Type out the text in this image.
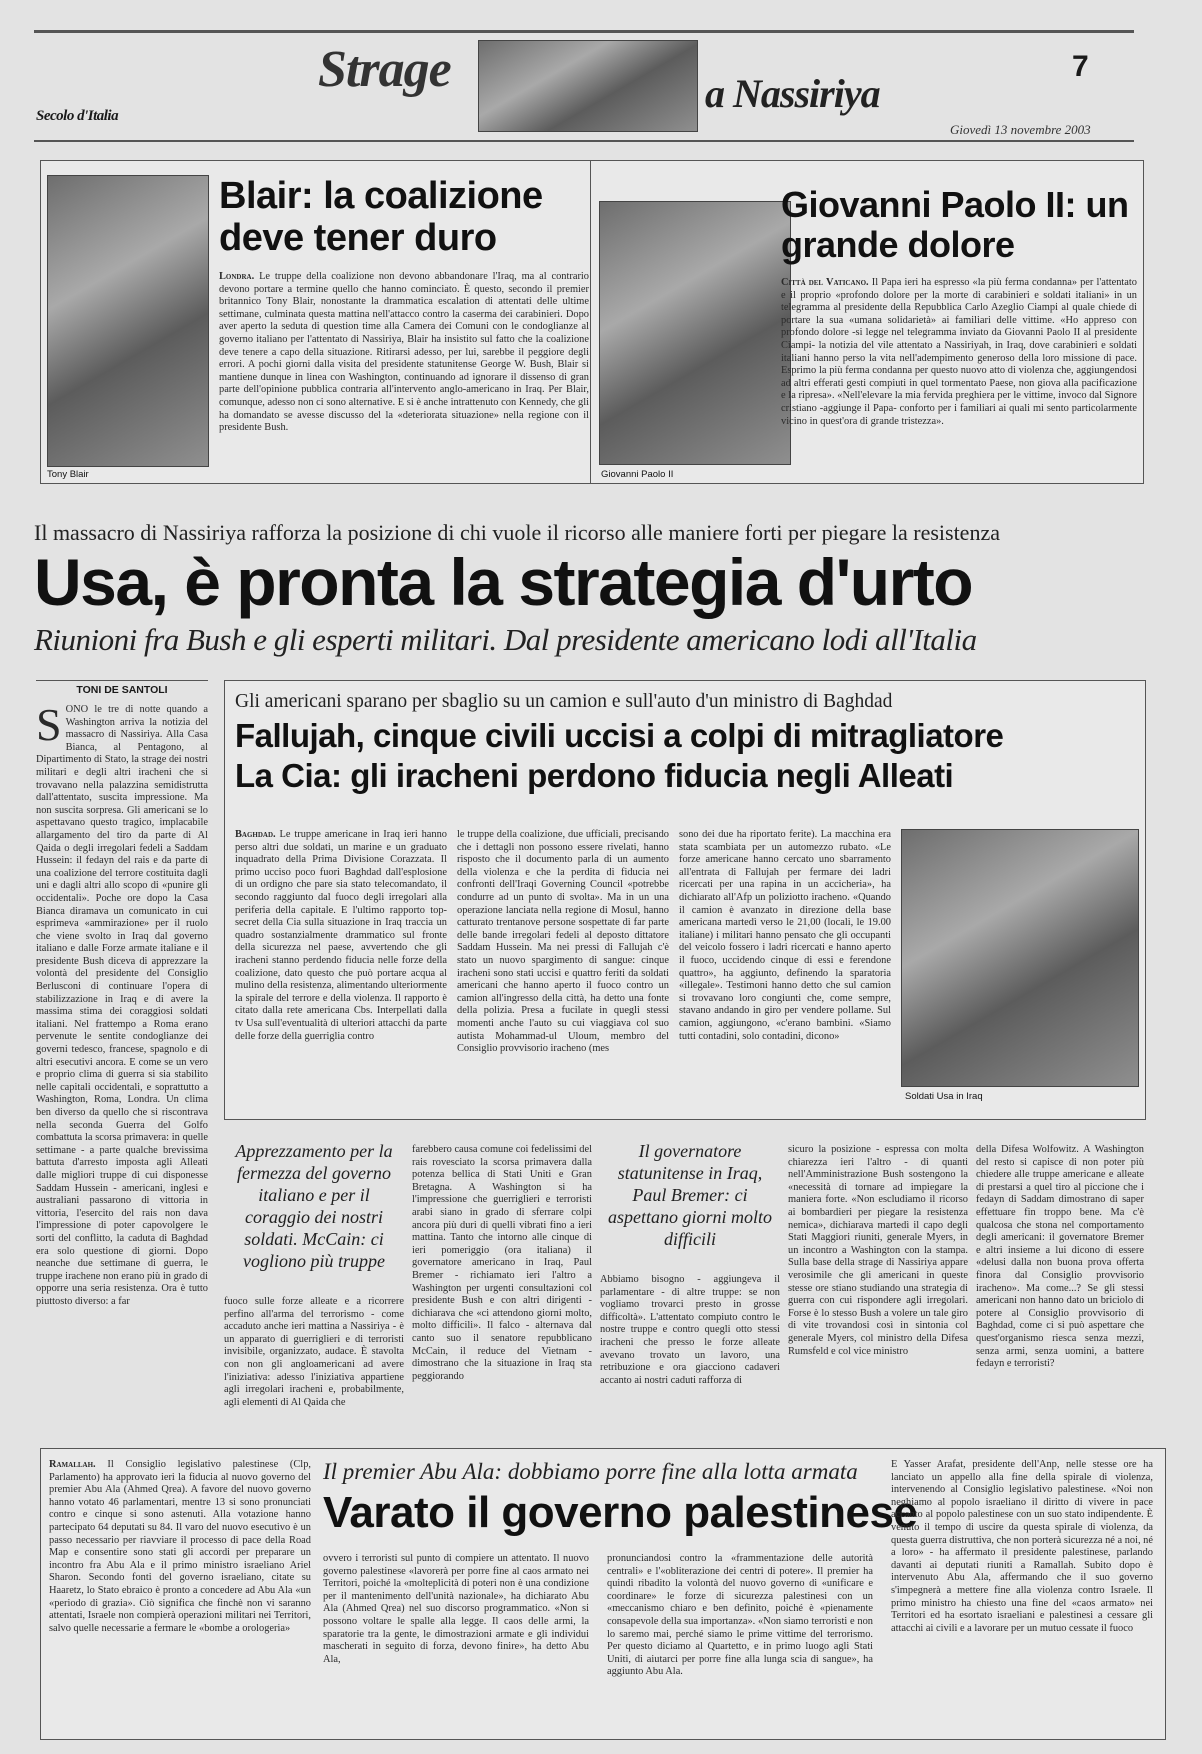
Secolo d'Italia
Strage	a Nassiriya
7
Giovedì 13 novembre 2003
Tony Blair
Blair: la coalizione deve tener duro

Londra. Le truppe della coalizione non devono abbandonare l'Iraq, ma al contrario devono portare a termine quello che hanno cominciato. È questo, secondo il premier britannico Tony Blair, nonostante la drammatica escalation di attentati delle ultime settimane, culminata questa mattina nell'attacco contro la caserma dei carabinieri. Dopo aver aperto la seduta di question time alla Camera dei Comuni con le condoglianze al governo italiano per l'attentato di Nassiriya, Blair ha insistito sul fatto che la coalizione deve tenere a capo della situazione. Ritirarsi adesso, per lui, sarebbe il peggiore degli errori. A pochi giorni dalla visita del presidente statunitense George W. Bush, Blair si mantiene dunque in linea con Washington, continuando ad ignorare il dissenso di gran parte dell'opinione pubblica contraria all'intervento anglo-americano in Iraq. Per Blair, comunque, adesso non ci sono alternative. E si è anche intrattenuto con Kennedy, che gli ha domandato se avesse discusso del la «deteriorata situazione» nella regione con il presidente Bush.

Giovanni Paolo II
Giovanni Paolo II: un grande dolore

Città del Vaticano. Il Papa ieri ha espresso «la più ferma condanna» per l'attentato e il proprio «profondo dolore per la morte di carabinieri e soldati italiani» in un telegramma al presidente della Repubblica Carlo Azeglio Ciampi al quale chiede di portare la sua «umana solidarietà» ai familiari delle vittime. «Ho appreso con profondo dolore -si legge nel telegramma inviato da Giovanni Paolo II al presidente Ciampi- la notizia del vile attentato a Nassiriyah, in Iraq, dove carabinieri e soldati italiani hanno perso la vita nell'adempimento generoso della loro missione di pace. Esprimo la più ferma condanna per questo nuovo atto di violenza che, aggiungendosi ad altri efferati gesti compiuti in quel tormentato Paese, non giova alla pacificazione e la ripresa». «Nell'elevare la mia fervida preghiera per le vittime, invoco dal Signore cristiano -aggiunge il Papa- conforto per i familiari ai quali mi sento particolarmente vicino in quest'ora di grande tristezza».

Il massacro di Nassiriya rafforza la posizione di chi vuole il ricorso alle maniere forti per piegare la resistenza
Usa, è pronta la strategia d'urto
Riunioni fra Bush e gli esperti militari. Dal presidente americano lodi all'Italia
TONI DE SANTOLI

SONO le tre di notte quando a Washington arriva la notizia del massacro di Nassiriya. Alla Casa Bianca, al Pentagono, al Dipartimento di Stato, la strage dei nostri militari e degli altri iracheni che si trovavano nella palazzina semidistrutta dall'attentato, suscita impressione. Ma non suscita sorpresa. Gli americani se lo aspettavano questo tragico, implacabile allargamento del tiro da parte di Al Qaida o degli irregolari fedeli a Saddam Hussein: il fedayn del rais e da parte di una coalizione del terrore costituita dagli uni e dagli altri allo scopo di «punire gli occidentali». Poche ore dopo la Casa Bianca diramava un comunicato in cui esprimeva «ammirazione» per il ruolo che viene svolto in Iraq dal governo italiano e dalle Forze armate italiane e il presidente Bush diceva di apprezzare la volontà del presidente del Consiglio Berlusconi di continuare l'opera di stabilizzazione in Iraq e di avere la massima stima dei coraggiosi soldati italiani. Nel frattempo a Roma erano pervenute le sentite condoglianze dei governi tedesco, francese, spagnolo e di altri esecutivi ancora. E come se un vero e proprio clima di guerra si sia stabilito nelle capitali occidentali, e soprattutto a Washington, Roma, Londra. Un clima ben diverso da quello che si riscontrava nella seconda Guerra del Golfo combattuta la scorsa primavera: in quelle settimane - a parte qualche brevissima battuta d'arresto imposta agli Alleati dalle migliori truppe di cui disponesse Saddam Hussein - americani, inglesi e australiani passarono di vittoria in vittoria, l'esercito del rais non dava l'impressione di poter capovolgere le sorti del conflitto, la caduta di Baghdad era solo questione di giorni. Dopo neanche due settimane di guerra, le truppe irachene non erano più in grado di opporre una seria resistenza. Ora è tutto piuttosto diverso: a far

Gli americani sparano per sbaglio su un camion e sull'auto d'un ministro di Baghdad
Fallujah, cinque civili uccisi a colpi di mitragliatore
La Cia: gli iracheni perdono fiducia negli Alleati

Baghdad. Le truppe americane in Iraq ieri hanno perso altri due soldati, un marine e un graduato inquadrato della Prima Divisione Corazzata. Il primo ucciso poco fuori Baghdad dall'esplosione di un ordigno che pare sia stato telecomandato, il secondo raggiunto dal fuoco degli irregolari alla periferia della capitale. E l'ultimo rapporto top-secret della Cia sulla situazione in Iraq traccia un quadro sostanzialmente drammatico sul fronte della sicurezza nel paese, avvertendo che gli iracheni stanno perdendo fiducia nelle forze della coalizione, dato questo che può portare acqua al mulino della resistenza, alimentando ulteriormente la spirale del terrore e della violenza. Il rapporto è citato dalla rete americana Cbs. Interpellati dalla tv Usa sull'eventualità di ulteriori attacchi da parte delle forze della guerriglia contro

le truppe della coalizione, due ufficiali, precisando che i dettagli non possono essere rivelati, hanno risposto che il documento parla di un aumento della violenza e che la perdita di fiducia nei confronti dell'Iraqi Governing Council «potrebbe condurre ad un punto di svolta». Ma in un una operazione lanciata nella regione di Mosul, hanno catturato trentanove persone sospettate di far parte delle bande irregolari fedeli al deposto dittatore Saddam Hussein. Ma nei pressi di Fallujah c'è stato un nuovo spargimento di sangue: cinque iracheni sono stati uccisi e quattro feriti da soldati americani che hanno aperto il fuoco contro un camion all'ingresso della città, ha detto una fonte della polizia. Presa a fucilate in quegli stessi momenti anche l'auto su cui viaggiava col suo autista Mohammad-ul Uloum, membro del Consiglio provvisorio iracheno (mes

sono dei due ha riportato ferite). La macchina era stata scambiata per un automezzo rubato. «Le forze americane hanno cercato uno sbarramento all'entrata di Fallujah per fermare dei ladri ricercati per una rapina in un accicheria», ha dichiarato all'Afp un poliziotto iracheno. «Quando il camion è avanzato in direzione della base americana martedì verso le 21,00 (locali, le 19.00 italiane) i militari hanno pensato che gli occupanti del veicolo fossero i ladri ricercati e hanno aperto il fuoco, uccidendo cinque di essi e ferendone quattro», ha aggiunto, definendo la sparatoria «illegale». Testimoni hanno detto che sul camion si trovavano loro congiunti che, come sempre, stavano andando in giro per vendere pollame. Sul camion, aggiungono, «c'erano bambini. «Siamo tutti contadini, solo contadini, dicono»

Soldati Usa in Iraq
Apprezzamento per la fermezza del governo italiano e per il coraggio dei nostri soldati. McCain: ci vogliono più truppe

fuoco sulle forze alleate e a ricorrere perfino all'arma del terrorismo - come accaduto anche ieri mattina a Nassiriya - è un apparato di guerriglieri e di terroristi invisibile, organizzato, audace. È stavolta con non gli angloamericani ad avere l'iniziativa: adesso l'iniziativa appartiene agli irregolari iracheni e, probabilmente, agli elementi di Al Qaida che

farebbero causa comune coi fedelissimi del rais rovesciato la scorsa primavera dalla potenza bellica di Stati Uniti e Gran Bretagna. A Washington si ha l'impressione che guerriglieri e terroristi arabi siano in grado di sferrare colpi ancora più duri di quelli vibrati fino a ieri mattina. Tanto che intorno alle cinque di ieri pomeriggio (ora italiana) il governatore americano in Iraq, Paul Bremer - richiamato ieri l'altro a Washington per urgenti consultazioni col presidente Bush e con altri dirigenti - dichiarava che «ci attendono giorni molto, molto difficili». Il falco - alternava dal canto suo il senatore repubblicano McCain, il reduce del Vietnam - dimostrano che la situazione in Iraq sta peggiorando

Il governatore statunitense in Iraq, Paul Bremer: ci aspettano giorni molto difficili

Abbiamo bisogno - aggiungeva il parlamentare - di altre truppe: se non vogliamo trovarci presto in grosse difficoltà». L'attentato compiuto contro le nostre truppe e contro quegli otto stessi iracheni che presso le forze alleate avevano trovato un lavoro, una retribuzione e ora giacciono cadaveri accanto ai nostri caduti rafforza di

sicuro la posizione - espressa con molta chiarezza ieri l'altro - di quanti nell'Amministrazione Bush sostengono la «necessità di tornare ad impiegare la maniera forte. «Non escludiamo il ricorso ai bombardieri per piegare la resistenza nemica», dichiarava martedì il capo degli Stati Maggiori riuniti, generale Myers, in un incontro a Washington con la stampa. Sulla base della strage di Nassiriya appare verosimile che gli americani in queste stesse ore stiano studiando una strategia di guerra con cui rispondere agli irregolari. Forse è lo stesso Bush a volere un tale giro di vite trovandosi così in sintonia col generale Myers, col ministro della Difesa Rumsfeld e col vice ministro

della Difesa Wolfowitz. A Washington del resto si capisce di non poter più chiedere alle truppe americane e alleate di prestarsi a quel tiro al piccione che i fedayn di Saddam dimostrano di saper effettuare fin troppo bene. Ma c'è qualcosa che stona nel comportamento degli americani: il governatore Bremer e altri insieme a lui dicono di essere «delusi dalla non buona prova offerta finora dal Consiglio provvisorio iracheno». Ma come...? Se gli stessi americani non hanno dato un briciolo di potere al Consiglio provvisorio di Baghdad, come ci si può aspettare che quest'organismo riesca senza mezzi, senza armi, senza uomini, a battere fedayn e terroristi?

Ramallah. Il Consiglio legislativo palestinese (Clp, Parlamento) ha approvato ieri la fiducia al nuovo governo del premier Abu Ala (Ahmed Qrea). A favore del nuovo governo hanno votato 46 parlamentari, mentre 13 si sono pronunciati contro e cinque si sono astenuti. Alla votazione hanno partecipato 64 deputati su 84. Il varo del nuovo esecutivo è un passo necessario per riavviare il processo di pace della Road Map e consentire sono stati gli accordi per preparare un incontro fra Abu Ala e il primo ministro israeliano Ariel Sharon. Secondo fonti del governo israeliano, citate su Haaretz, lo Stato ebraico è pronto a concedere ad Abu Ala «un «periodo di grazia». Ciò significa che finchè non vi saranno attentati, Israele non compierà operazioni militari nei Territori, salvo quelle necessarie a fermare le «bombe a orologeria»

Il premier Abu Ala: dobbiamo porre fine alla lotta armata
Varato il governo palestinese

ovvero i terroristi sul punto di compiere un attentato. Il nuovo governo palestinese «lavorerà per porre fine al caos armato nei Territori, poiché la «molteplicità di poteri non è una condizione per il mantenimento dell'unità nazionale», ha dichiarato Abu Ala (Ahmed Qrea) nel suo discorso programmatico. «Non si possono voltare le spalle alla legge. Il caos delle armi, la sparatorie tra la gente, le dimostrazioni armate e gli individui mascherati in seguito di forza, devono finire», ha detto Abu Ala,

pronunciandosi contro la «frammentazione delle autorità centrali» e l'«obliterazione dei centri di potere». Il premier ha quindi ribadito la volontà del nuovo governo di «unificare e coordinare» le forze di sicurezza palestinesi con un «meccanismo chiaro e ben definito, poiché è «pienamente consapevole della sua importanza». «Non siamo terroristi e non lo saremo mai, perché siamo le prime vittime del terrorismo. Per questo diciamo al Quartetto, e in primo luogo agli Stati Uniti, di aiutarci per porre fine alla lunga scia di sangue», ha aggiunto Abu Ala.

E Yasser Arafat, presidente dell'Anp, nelle stesse ore ha lanciato un appello alla fine della spirale di violenza, intervenendo al Consiglio legislativo palestinese. «Noi non neghiamo al popolo israeliano il diritto di vivere in pace accanto al popolo palestinese con un suo stato indipendente. È venuto il tempo di uscire da questa spirale di violenza, da questa guerra distruttiva, che non porterà sicurezza né a noi, né a loro» - ha affermato il presidente palestinese, parlando davanti ai deputati riuniti a Ramallah. Subito dopo è intervenuto Abu Ala, affermando che il suo governo s'impegnerà a mettere fine alla violenza contro Israele. Il primo ministro ha chiesto una fine del «caos armato» nei Territori ed ha esortato israeliani e palestinesi a cessare gli attacchi ai civili e a lavorare per un mutuo cessate il fuoco
